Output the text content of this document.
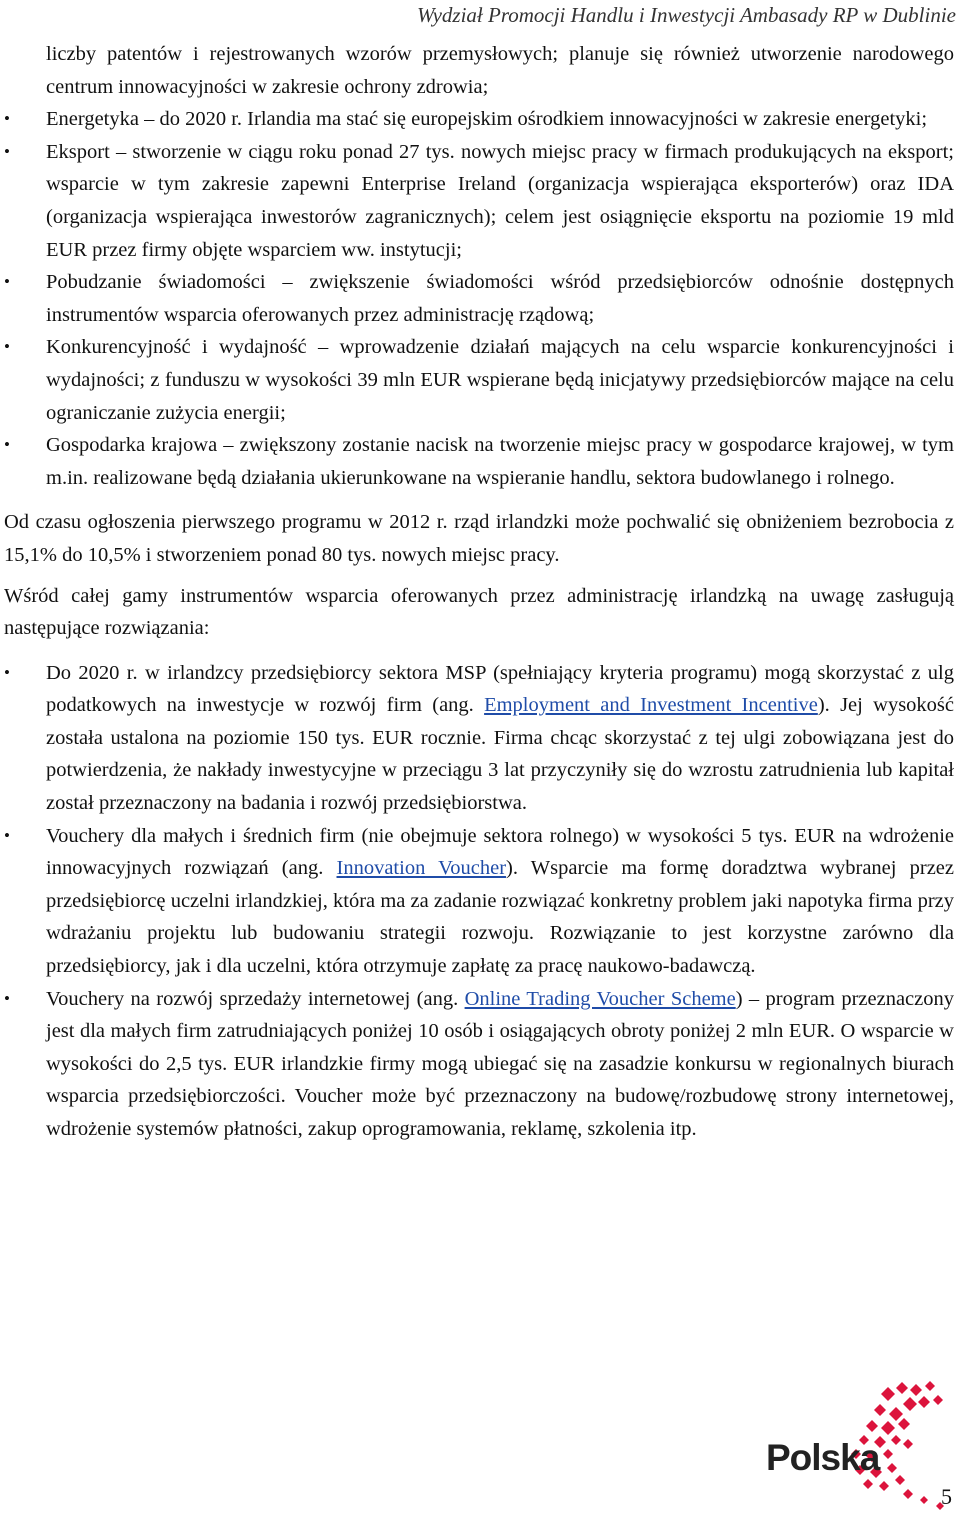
Wydział Promocji Handlu i Inwestycji Ambasady RP w Dublinie
liczby patentów i rejestrowanych wzorów przemysłowych; planuje się również utworzenie narodowego centrum innowacyjności w zakresie ochrony zdrowia;
•	Energetyka – do 2020 r. Irlandia ma stać się europejskim ośrodkiem innowacyjności w zakresie energetyki;
•	Eksport – stworzenie w ciągu roku ponad 27 tys. nowych miejsc pracy w firmach produkujących na eksport; wsparcie w tym zakresie zapewni Enterprise Ireland (organizacja wspierająca eksporterów) oraz IDA (organizacja wspierająca inwestorów zagranicznych); celem jest osiągnięcie eksportu na poziomie 19 mld EUR przez firmy objęte wsparciem ww. instytucji;
•	Pobudzanie świadomości – zwiększenie świadomości wśród przedsiębiorców odnośnie dostępnych instrumentów wsparcia oferowanych przez administrację rządową;
•	Konkurencyjność i wydajność – wprowadzenie działań mających na celu wsparcie konkurencyjności i wydajności; z funduszu w wysokości 39 mln EUR wspierane będą inicjatywy przedsiębiorców mające na celu ograniczanie zużycia energii;
•	Gospodarka krajowa – zwiększony zostanie nacisk na tworzenie miejsc pracy w gospodarce krajowej, w tym m.in. realizowane będą działania ukierunkowane na wspieranie handlu, sektora budowlanego i rolnego.

Od czasu ogłoszenia pierwszego programu w 2012 r. rząd irlandzki może pochwalić się obniżeniem bezrobocia z 15,1% do 10,5% i stworzeniem ponad 80 tys. nowych miejsc pracy.

Wśród całej gamy instrumentów wsparcia oferowanych przez administrację irlandzką na uwagę zasługują następujące rozwiązania:

•	Do 2020 r. w irlandzcy przedsiębiorcy sektora MSP (spełniający kryteria programu) mogą skorzystać z ulg podatkowych na inwestycje w rozwój firm (ang. Employment and Investment Incentive). Jej wysokość została ustalona na poziomie 150 tys. EUR rocznie. Firma chcąc skorzystać z tej ulgi zobowiązana jest do potwierdzenia, że nakłady inwestycyjne w przeciągu 3 lat przyczyniły się do wzrostu zatrudnienia lub kapitał został przeznaczony na badania i rozwój przedsiębiorstwa.
•	Vouchery dla małych i średnich firm (nie obejmuje sektora rolnego) w wysokości 5 tys. EUR na wdrożenie innowacyjnych rozwiązań (ang. Innovation Voucher). Wsparcie ma formę doradztwa wybranej przez przedsiębiorcę uczelni irlandzkiej, która ma za zadanie rozwiązać konkretny problem jaki napotyka firma przy wdrażaniu projektu lub budowaniu strategii rozwoju. Rozwiązanie to jest korzystne zarówno dla przedsiębiorcy, jak i dla uczelni, która otrzymuje zapłatę za pracę naukowo-badawczą.
•	Vouchery na rozwój sprzedaży internetowej (ang. Online Trading Voucher Scheme) – program przeznaczony jest dla małych firm zatrudniających poniżej 10 osób i osiągających obroty poniżej 2 mln EUR. O wsparcie w wysokości do 2,5 tys. EUR irlandzkie firmy mogą ubiegać się na zasadzie konkursu w regionalnych biurach wsparcia przedsiębiorczości. Voucher może być przeznaczony na budowę/rozbudowę strony internetowej, wdrożenie systemów płatności, zakup oprogramowania, reklamę, szkolenia itp.
Polska
5
